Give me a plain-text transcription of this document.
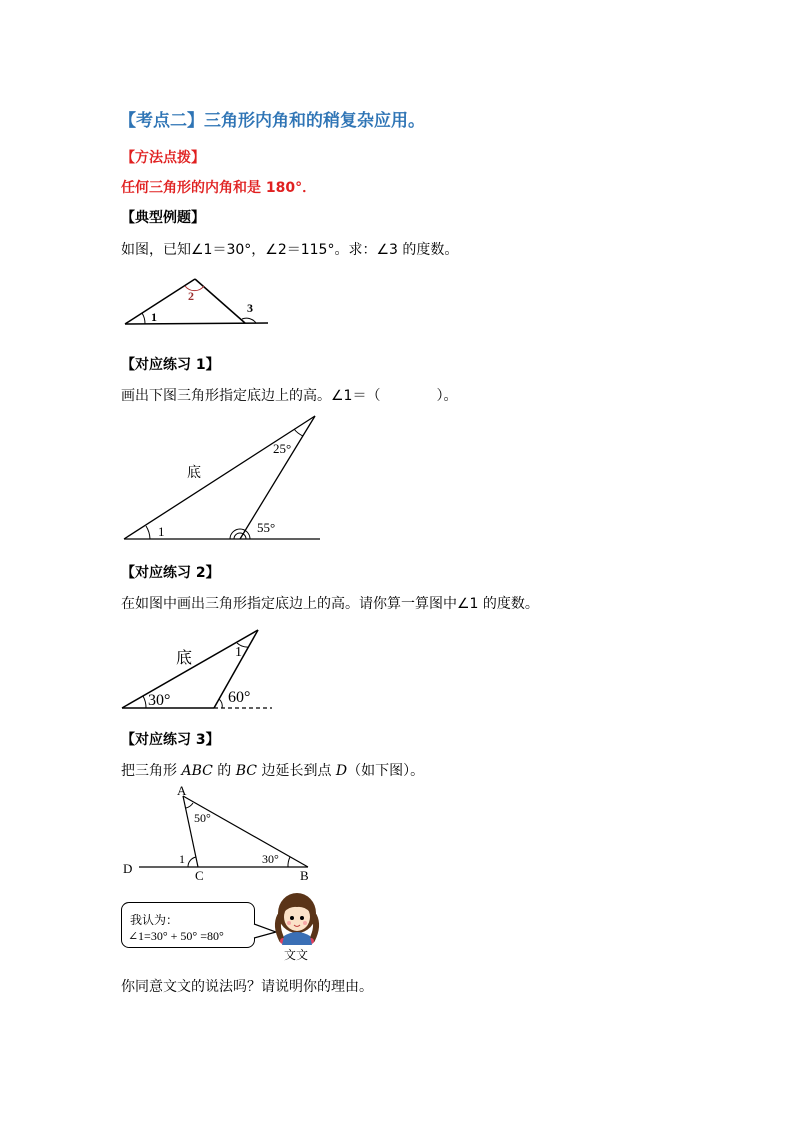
【考点二】三角形内角和的稍复杂应用。
【方法点拨】
任何三角形的内角和是 180°．
【典型例题】
如图，已知∠1＝30°，∠2＝115°。求：∠3 的度数。
1
2
3
【对应练习 1】
画出下图三角形指定底边上的高。∠1＝（　　　　）。
底
25°
55°
1
【对应练习 2】
在如图中画出三角形指定底边上的高。请你算一算图中∠1 的度数。
底	1
30°	60°
【对应练习 3】
把三角形 ABC 的 BC 边延长到点 D（如下图）。
A
50°
30°
1
D	C	B
我认为：
∠1=30° + 50° =80°
文文
你同意文文的说法吗？请说明你的理由。
